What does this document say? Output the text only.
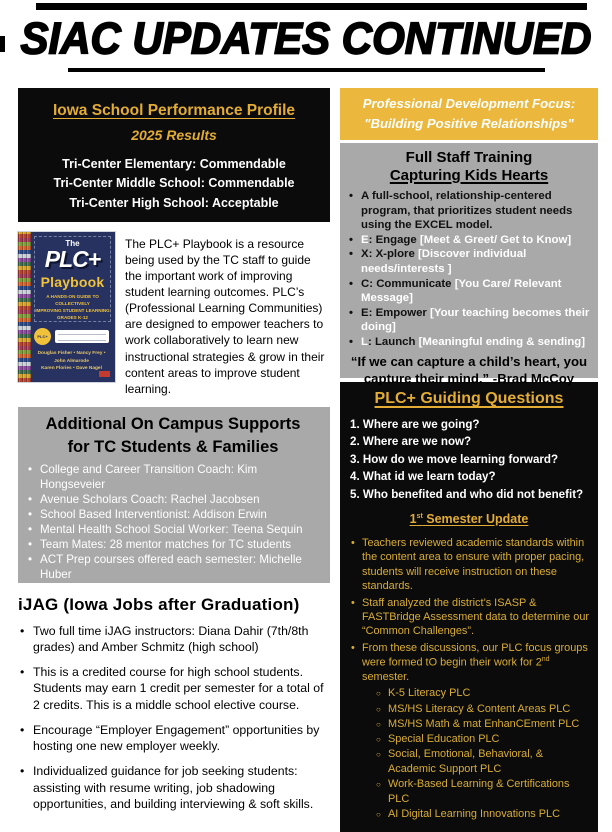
SIAC UPDATES CONTINUED
Iowa School Performance Profile
2025 Results
Tri-Center Elementary: Commendable
Tri-Center Middle School: Commendable
Tri-Center High School: Acceptable
The
PLC+
Playbook
A HANDS-ON GUIDE TO COLLECTIVELY
IMPROVING STUDENT LEARNING
GRADES K-12
PLC+
Douglas Fisher • Nancy Frey • John Almarode
Karen Flories • Dave Nagel

The PLC+ Playbook is a resource being used by the TC staff to guide the important work of improving student learning outcomes. PLC’s (Professional Learning Communities) are designed to empower teachers to work collaboratively to learn new instructional strategies & grow in their content areas to improve student learning.

Additional On Campus Supports
for TC Students & Families
• College and Career Transition Coach: Kim Hongseveier
• Avenue Scholars Coach: Rachel Jacobsen
• School Based Interventionist: Addison Erwin
• Mental Health School Social Worker: Teena Sequin
• Team Mates: 28 mentor matches for TC students
• ACT Prep courses offered each semester: Michelle Huber
iJAG (Iowa Jobs after Graduation)
• Two full time iJAG instructors: Diana Dahir (7th/8th grades) and Amber Schmitz (high school)
• This is a credited course for high school students. Students may earn 1 credit per semester for a total of 2 credits. This is a middle school elective course.
• Encourage “Employer Engagement” opportunities by hosting one new employer weekly.
• Individualized guidance for job seeking students: assisting with resume writing, job shadowing opportunities, and building interviewing & soft skills.
Professional Development Focus:
"Building Positive Relationships"
Full Staff Training
Capturing Kids Hearts
• A full-school, relationship-centered program, that prioritizes student needs using the EXCEL model.
• E: Engage [Meet & Greet/ Get to Know]
• X: X-plore [Discover individual needs/interests ]
• C: Communicate [You Care/ Relevant Message]
• E: Empower [Your teaching becomes their doing]
• L: Launch [Meaningful ending & sending]
“If we can capture a child’s heart, you capture their mind.” -Brad McCoy
PLC+ Guiding Questions
1. Where are we going?
2. Where are we now?
3. How do we move learning forward?
4. What id we learn today?
5. Who benefited and who did not benefit?
1st Semester Update
• Teachers reviewed academic standards within the content area to ensure with proper pacing, students will receive instruction on these standards.
• Staff analyzed the district’s ISASP & FASTBridge Assessment data to determine our “Common Challenges”.
• From these discussions, our PLC focus groups were formed tO begin their work for 2nd semester.
○ K-5 Literacy PLC
○ MS/HS Literacy & Content Areas PLC
○ MS/HS Math & mat EnhanCEment PLC
○ Special Education PLC
○ Social, Emotional, Behavioral, & Academic Support PLC
○ Work-Based Learning & Certifications PLC
○ AI Digital Learning Innovations PLC
